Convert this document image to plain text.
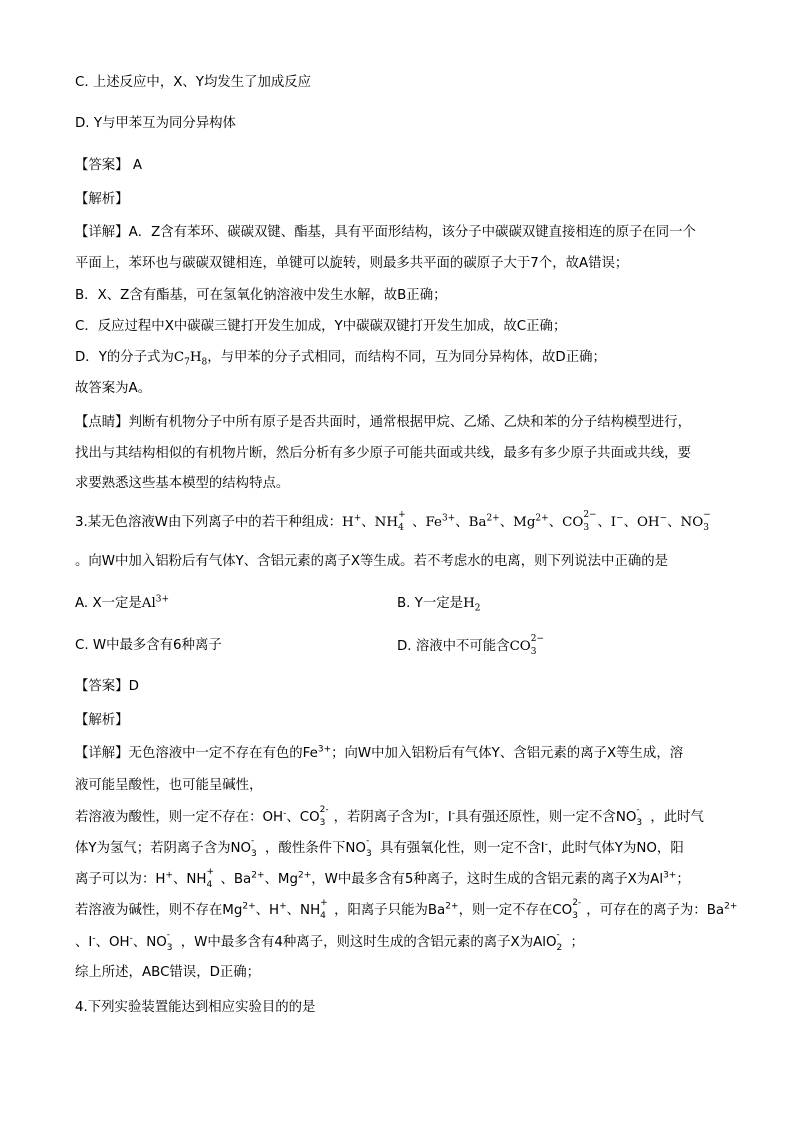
C. 上述反应中，X、Y均发生了加成反应
D. Y与甲苯互为同分异构体
【答案】 A
【解析】
【详解】A．Z含有苯环、碳碳双键、酯基，具有平面形结构，该分子中碳碳双键直接相连的原子在同一个
平面上，苯环也与碳碳双键相连，单键可以旋转，则最多共平面的碳原子大于7个，故A错误；
B．X、Z含有酯基，可在氢氧化钠溶液中发生水解，故B正确；
C．反应过程中X中碳碳三键打开发生加成，Y中碳碳双键打开发生加成，故C正确；
D．Y的分子式为$C_7H_8$，与甲苯的分子式相同，而结构不同，互为同分异构体，故D正确；
故答案为A。
【点睛】判断有机物分子中所有原子是否共面时，通常根据甲烷、乙烯、乙炔和苯的分子结构模型进行，
找出与其结构相似的有机物片断，然后分析有多少原子可能共面或共线，最多有多少原子共面或共线，要
求要熟悉这些基本模型的结构特点。
3.某无色溶液W由下列离子中的若干种组成：H+、NH +
4 、$Fe^{3+}$、$Ba^{2+}$、$Mg^{2+}$、CO 2−
3 、I−、OH−、NO −
3
。向W中加入铝粉后有气体Y、含铝元素的离子X等生成。若不考虑水的电离，则下列说法中正确的是
A. X一定是$Al^{3+}$	B. Y一定是$H_2$
C. W中最多含有6种离子	D. 溶液中不可能含CO 2−
3
【答案】D
【解析】
【详解】无色溶液中一定不存在有色的$Fe^{3+}$；向W中加入铝粉后有气体Y、含铝元素的离子X等生成，溶
液可能呈酸性，也可能呈碱性，
若溶液为酸性，则一定不存在：OH-、CO 2-
3 ，若阴离子含为I-，I-具有强还原性，则一定不含NO -
3 ，此时气
体Y为氢气；若阴离子含为NO -
3 ，酸性条件下NO -
3 具有强氧化性，则一定不含I-，此时气体Y为NO，阳
离子可以为：H+、NH +
4 、$Ba^{2+}$、$Mg^{2+}$，W中最多含有5种离子，这时生成的含铝元素的离子X为$Al^{3+}$；
若溶液为碱性，则不存在$Mg^{2+}$、H+、NH +
4 ，阳离子只能为$Ba^{2+}$，则一定不存在CO 2-
3 ，可存在的离子为：$Ba^{2+}$
、I-、OH-、NO -
3 ，W中最多含有4种离子，则这时生成的含铝元素的离子X为AlO -
2 ；
综上所述，ABC错误，D正确；
4.下列实验装置能达到相应实验目的的是
